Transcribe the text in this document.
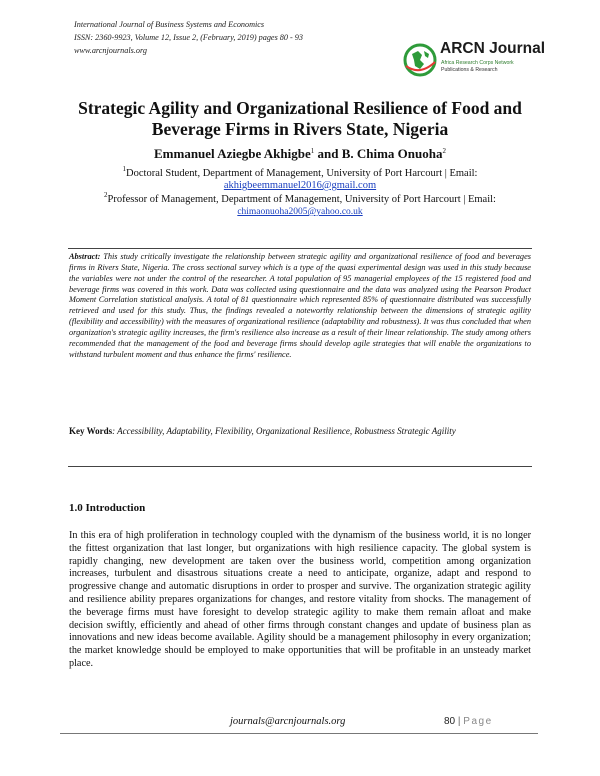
International Journal of Business Systems and Economics
ISSN: 2360-9923, Volume 12, Issue 2, (February, 2019) pages 80 - 93
www.arcnjournals.org	ARCN Journal
Africa Research Corps Network
Publications & Research
Strategic Agility and Organizational Resilience of Food and Beverage Firms in Rivers State, Nigeria
Emmanuel Aziegbe Akhigbe$^1$ and B. Chima Onuoha$^2$
$^1$Doctoral Student, Department of Management, University of Port Harcourt | Email:
akhigbeemmanuel2016@gmail.com
$^2$Professor of Management, Department of Management, University of Port Harcourt | Email:
chimaonuoha2005@yahoo.co.uk
Abstract: This study critically investigate the relationship between strategic agility and organizational resilience of food and beverages firms in Rivers State, Nigeria. The cross sectional survey which is a type of the quasi experimental design was used in this study because the variables were not under the control of the researcher. A total population of 95 managerial employees of the 15 registered food and beverage firms was covered in this work. Data was collected using questionnaire and the data was analyzed using the Pearson Product Moment Correlation statistical analysis. A total of 81 questionnaire which represented 85% of questionnaire distributed was successfully retrieved and used for this study. Thus, the findings revealed a noteworthy relationship between the dimensions of strategic agility (flexibility and accessibility) with the measures of organizational resilience (adaptability and robustness). It was thus concluded that when organization's strategic agility increases, the firm's resilience also increase as a result of their linear relationship. The study among others recommended that the management of the food and beverage firms should develop agile strategies that will enable the organizations to withstand turbulent moment and thus enhance the firms' resilience.
Key Words: Accessibility, Adaptability, Flexibility, Organizational Resilience, Robustness Strategic Agility
1.0 Introduction
In this era of high proliferation in technology coupled with the dynamism of the business world, it is no longer the fittest organization that last longer, but organizations with high resilience capacity. The global system is rapidly changing, new development are taken over the business world, competition among organization increases, turbulent and disastrous situations create a need to anticipate, organize, adapt and respond to progressive change and automatic disruptions in order to prosper and survive. The organization strategic agility and resilience ability prepares organizations for changes, and restore vitality from shocks. The management of the beverage firms must have foresight to develop strategic agility to make them remain afloat and make decision swiftly, efficiently and ahead of other firms through constant changes and update of business plan as innovations and new ideas become available. Agility should be a management philosophy in every organization; the market knowledge should be employed to make opportunities that will be profitable in an unsteady market place.
journals@arcnjournals.org	80 | Page
